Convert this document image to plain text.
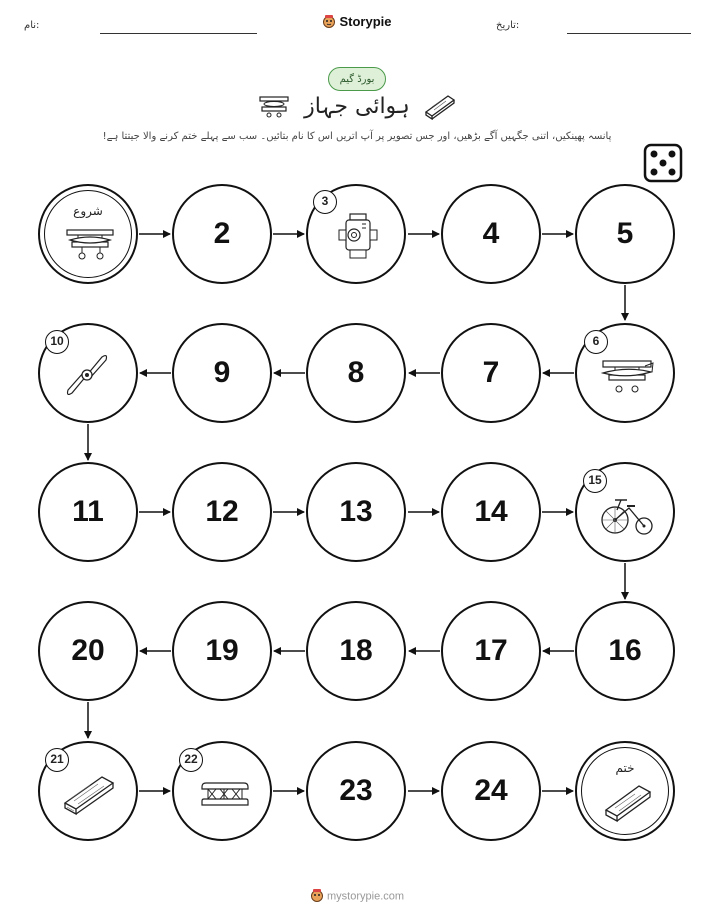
نام:	Storypie	تاریخ:
بورڈ گیم
ہوائی جہاز
پانسہ پھینکیں، اتنی جگہیں آگے بڑھیں، اور جس تصویر پر آپ اتریں اس کا نام بتائیں۔ سب سے پہلے ختم کرنے والا جیتتا ہے!
شروع
2
3
4	5
10
9	8	7
6
11	12	13	14
15
20	19	18	17	16
21	22
23	24
ختم
mystorypie.com
